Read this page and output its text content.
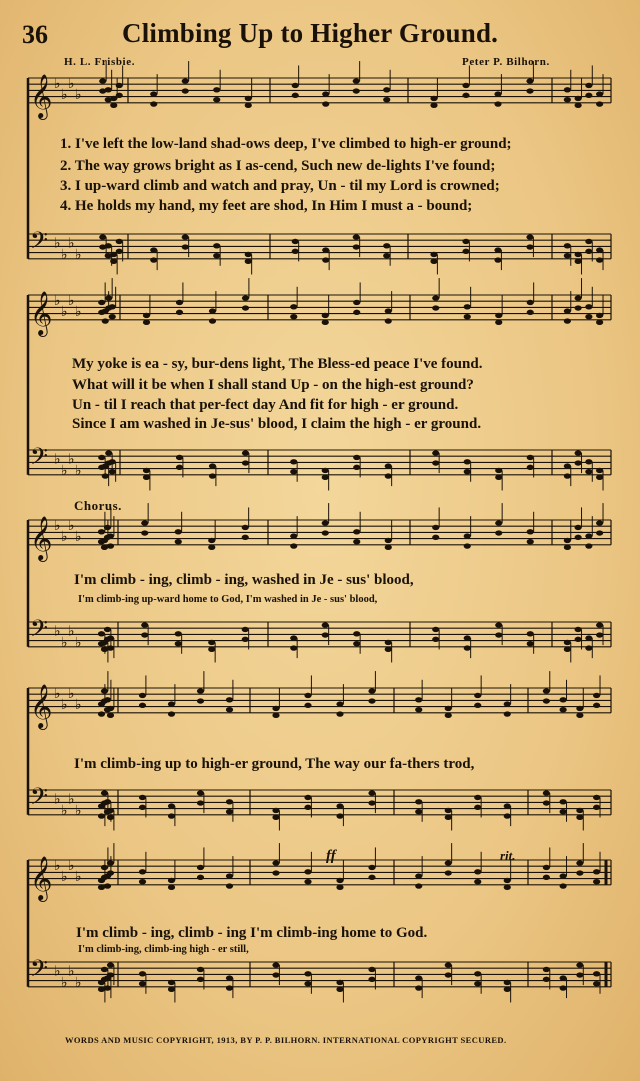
36	Climbing Up to Higher Ground.
H. L. Frisbie.	Peter P. Bilhorn.
𝄞 ♭
♭
♭
♭
𝄢 ♭
♭
♭
♭
𝄞 ♭
♭
♭
♭
𝄢 ♭
♭
♭
♭
𝄞 ♭
♭
♭
♭
𝄢 ♭
♭
♭
♭
𝄞 ♭
♭
♭
♭
𝄢 ♭
♭
♭
♭
𝄞 ♭
♭
♭
♭
𝄢 ♭
♭
♭
♭
1. I've left the low-land shad-ows deep, I've climbed to high-er ground;
2. The way grows bright as I as-cend, Such new de-lights I've found;
3. I up-ward climb and watch and pray, Un - til my Lord is crowned;
4. He holds my hand, my feet are shod, In Him I must a - bound;
My yoke is ea - sy, bur-dens light, The Bless-ed peace I've found.
What will it be when I shall stand Up - on the high-est ground?
Un - til I reach that per-fect day And fit for high - er ground.
Since I am washed in Je-sus' blood, I claim the high - er ground.
Chorus.
I'm climb - ing, climb - ing, washed in Je - sus' blood,
I'm climb-ing up-ward home to God, I'm washed in Je - sus' blood,
I'm climb-ing up to high-er ground, The way our fa-thers trod,
ff	rit.
I'm climb - ing, climb - ing I'm climb-ing home to God.
I'm climb-ing, climb-ing high - er still,
WORDS AND MUSIC COPYRIGHT, 1913, BY P. P. BILHORN. INTERNATIONAL COPYRIGHT SECURED.
